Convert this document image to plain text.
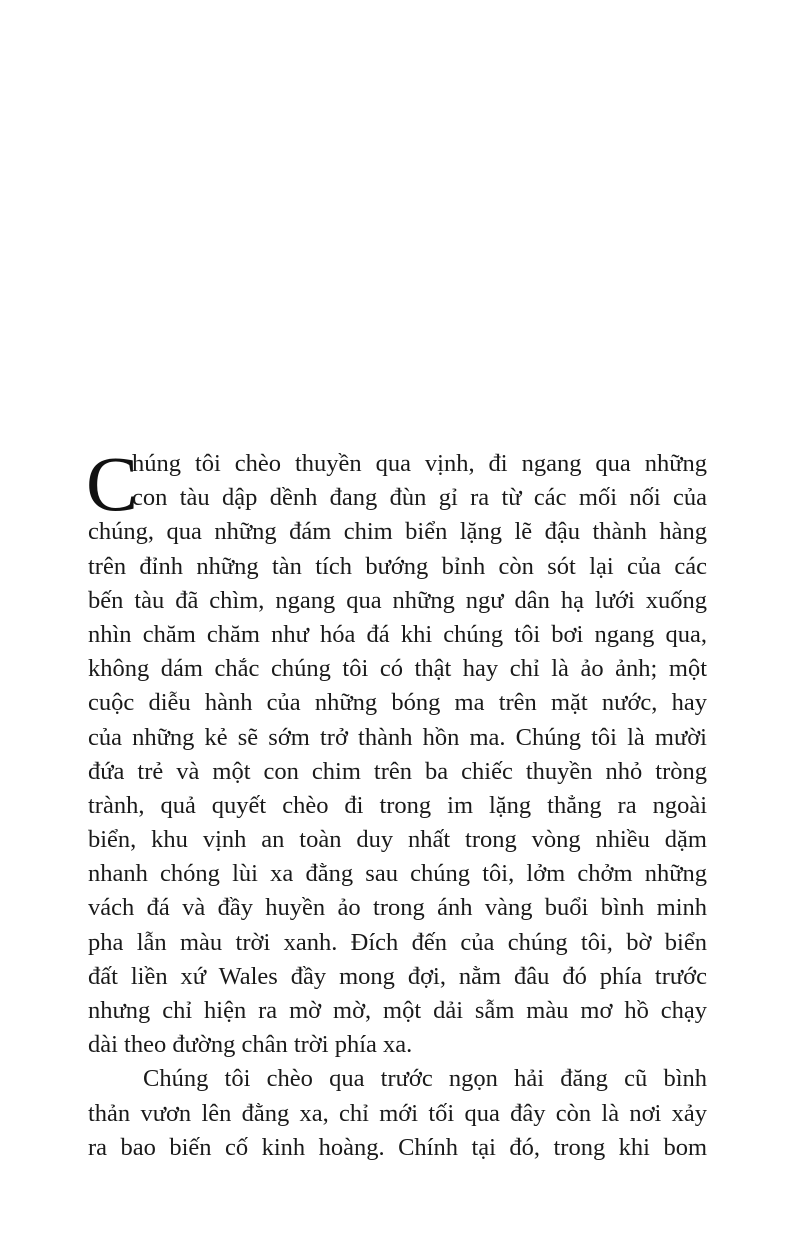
C
húng tôi chèo thuyền qua vịnh, đi ngang qua những
con tàu dập dềnh đang đùn gỉ ra từ các mối nối của
chúng, qua những đám chim biển lặng lẽ đậu thành hàng
trên đỉnh những tàn tích bướng bỉnh còn sót lại của các
bến tàu đã chìm, ngang qua những ngư dân hạ lưới xuống
nhìn chăm chăm như hóa đá khi chúng tôi bơi ngang qua,
không dám chắc chúng tôi có thật hay chỉ là ảo ảnh; một
cuộc diễu hành của những bóng ma trên mặt nước, hay
của những kẻ sẽ sớm trở thành hồn ma. Chúng tôi là mười
đứa trẻ và một con chim trên ba chiếc thuyền nhỏ tròng
trành, quả quyết chèo đi trong im lặng thẳng ra ngoài
biển, khu vịnh an toàn duy nhất trong vòng nhiều dặm
nhanh chóng lùi xa đằng sau chúng tôi, lởm chởm những
vách đá và đầy huyền ảo trong ánh vàng buổi bình minh
pha lẫn màu trời xanh. Đích đến của chúng tôi, bờ biển
đất liền xứ Wales đầy mong đợi, nằm đâu đó phía trước
nhưng chỉ hiện ra mờ mờ, một dải sẫm màu mơ hồ chạy
dài theo đường chân trời phía xa.
Chúng tôi chèo qua trước ngọn hải đăng cũ bình
thản vươn lên đằng xa, chỉ mới tối qua đây còn là nơi xảy
ra bao biến cố kinh hoàng. Chính tại đó, trong khi bom
